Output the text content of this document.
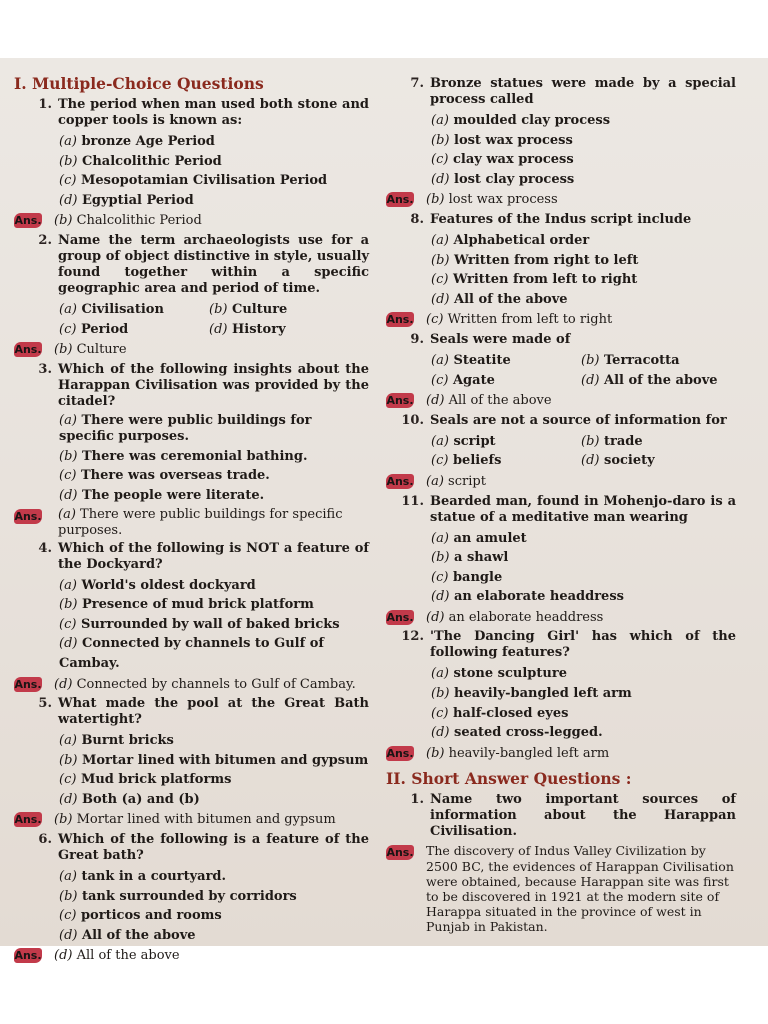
I. Multiple-Choice Questions
1. The period when man used both stone and copper tools is known as:
(a) bronze Age Period
(b) Chalcolithic Period
(c) Mesopotamian Civilisation Period
(d) Egyptial Period
Ans. (b) Chalcolithic Period
2. Name the term archaeologists use for a group of object distinctive in style, usually found together within a specific geographic area and period of time.
(a) Civilisation	(b) Culture
(c) Period	(d) History
Ans. (b) Culture
3. Which of the following insights about the Harappan Civilisation was provided by the citadel?
(a) There were public buildings for specific purposes.
(b) There was ceremonial bathing.
(c) There was overseas trade.
(d) The people were literate.
Ans.	(a) There were public buildings for specific purposes.
4. Which of the following is NOT a feature of the Dockyard?
(a) World's oldest dockyard
(b) Presence of mud brick platform
(c) Surrounded by wall of baked bricks
(d) Connected by channels to Gulf of Cambay.
Ans. (d) Connected by channels to Gulf of Cambay.
5. What made the pool at the Great Bath watertight?
(a) Burnt bricks
(b) Mortar lined with bitumen and gypsum
(c) Mud brick platforms
(d) Both (a) and (b)
Ans. (b) Mortar lined with bitumen and gypsum
6. Which of the following is a feature of the Great bath?
(a) tank in a courtyard.
(b) tank surrounded by corridors
(c) porticos and rooms
(d) All of the above
Ans. (d) All of the above
7. Bronze statues were made by a special process called
(a) moulded clay process
(b) lost wax process
(c) clay wax process
(d) lost clay process
Ans. (b) lost wax process
8. Features of the Indus script include
(a) Alphabetical order
(b) Written from right to left
(c) Written from left to right
(d) All of the above
Ans. (c) Written from left to right
9. Seals were made of
(a) Steatite	(b) Terracotta
(c) Agate	(d) All of the above
Ans. (d) All of the above
10. Seals are not a source of information for
(a) script	(b) trade
(c) beliefs	(d) society
Ans. (a) script
11. Bearded man, found in Mohenjo-daro is a statue of a meditative man wearing
(a) an amulet
(b) a shawl
(c) bangle
(d) an elaborate headdress
Ans. (d) an elaborate headdress
12. 'The Dancing Girl' has which of the following features?
(a) stone sculpture
(b) heavily-bangled left arm
(c) half-closed eyes
(d) seated cross-legged.
Ans. (b) heavily-bangled left arm
II. Short Answer Questions :
1. Name two important sources of information about the Harappan Civilisation.
Ans. The discovery of Indus Valley Civilization by 2500 BC, the evidences of Harappan Civilisation were obtained, because Harappan site was first to be discovered in 1921 at the modern site of Harappa situated in the province of west in Punjab in Pakistan.
